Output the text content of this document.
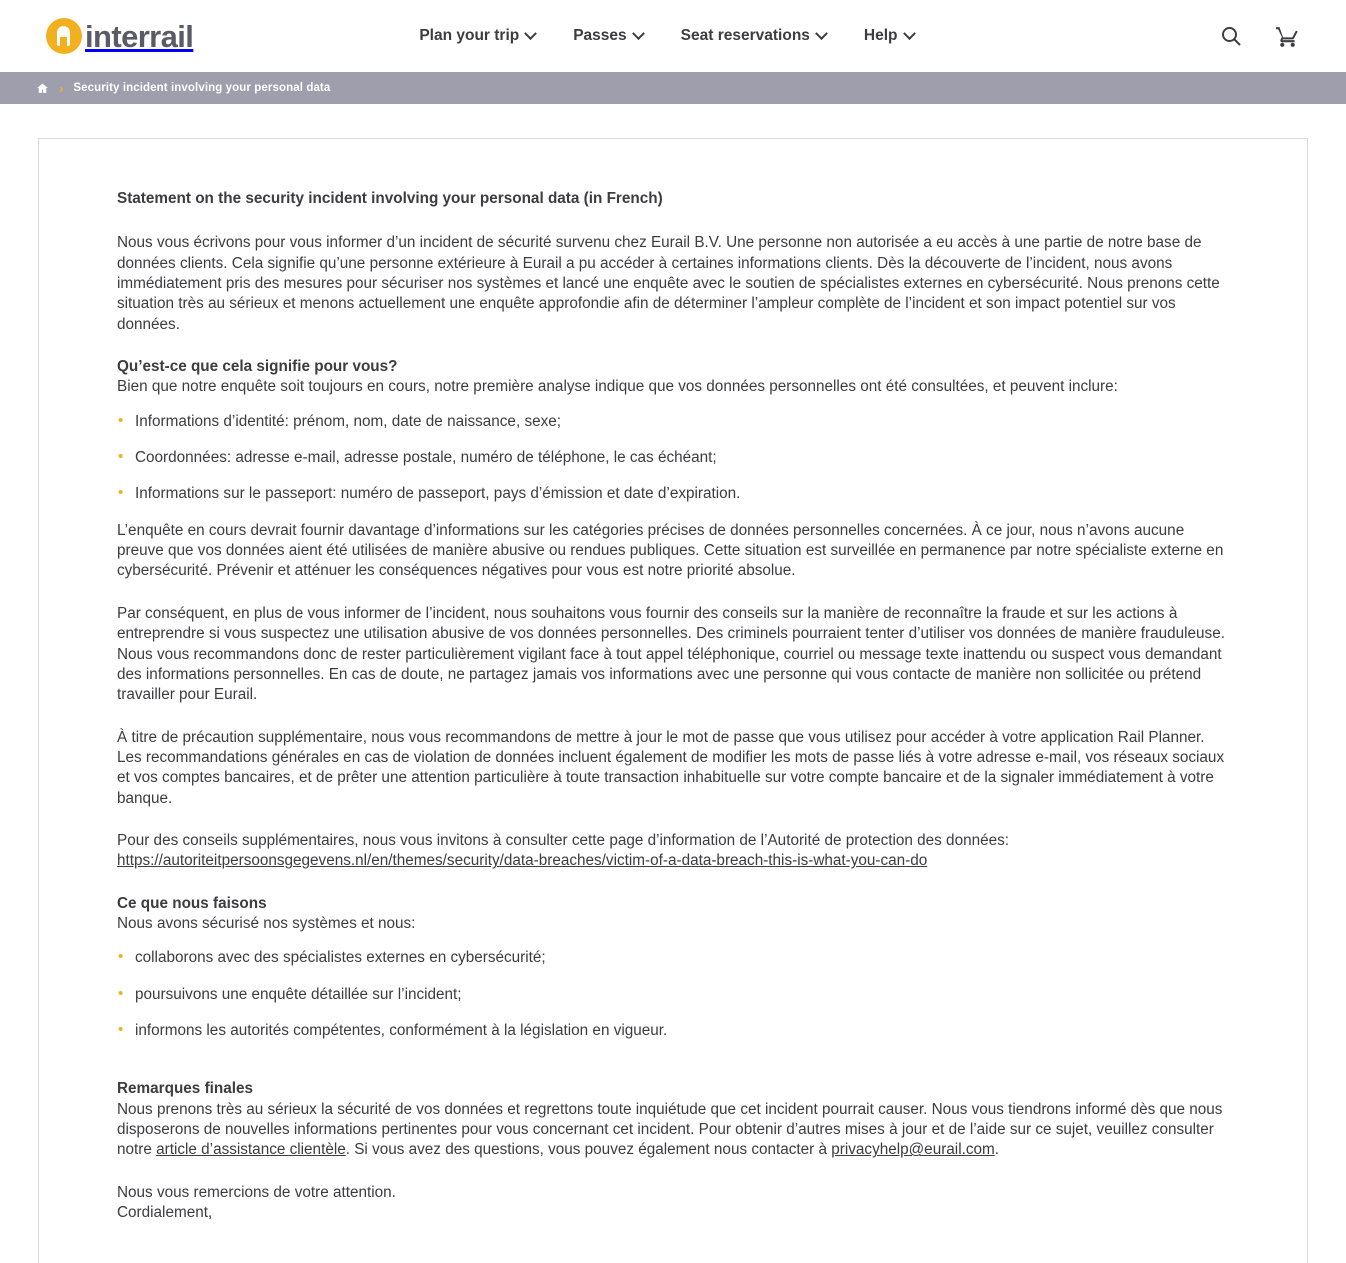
interrail	Plan your trip	Passes	Seat reservations	Help
› Security incident involving your personal data

Statement on the security incident involving your personal data (in French)

Nous vous écrivons pour vous informer d’un incident de sécurité survenu chez Eurail B.V. Une personne non autorisée a eu accès à une partie de notre base de données clients. Cela signifie qu’une personne extérieure à Eurail a pu accéder à certaines informations clients. Dès la découverte de l’incident, nous avons immédiatement pris des mesures pour sécuriser nos systèmes et lancé une enquête avec le soutien de spécialistes externes en cybersécurité. Nous prenons cette situation très au sérieux et menons actuellement une enquête approfondie afin de déterminer l’ampleur complète de l’incident et son impact potentiel sur vos données.

Qu’est-ce que cela signifie pour vous?

Bien que notre enquête soit toujours en cours, notre première analyse indique que vos données personnelles ont été consultées, et peuvent inclure:

• Informations d’identité: prénom, nom, date de naissance, sexe;
• Coordonnées: adresse e-mail, adresse postale, numéro de téléphone, le cas échéant;
• Informations sur le passeport: numéro de passeport, pays d’émission et date d’expiration.

L’enquête en cours devrait fournir davantage d’informations sur les catégories précises de données personnelles concernées. À ce jour, nous n’avons aucune preuve que vos données aient été utilisées de manière abusive ou rendues publiques. Cette situation est surveillée en permanence par notre spécialiste externe en cybersécurité. Prévenir et atténuer les conséquences négatives pour vous est notre priorité absolue.

Par conséquent, en plus de vous informer de l’incident, nous souhaitons vous fournir des conseils sur la manière de reconnaître la fraude et sur les actions à entreprendre si vous suspectez une utilisation abusive de vos données personnelles. Des criminels pourraient tenter d’utiliser vos données de manière frauduleuse. Nous vous recommandons donc de rester particulièrement vigilant face à tout appel téléphonique, courriel ou message texte inattendu ou suspect vous demandant des informations personnelles. En cas de doute, ne partagez jamais vos informations avec une personne qui vous contacte de manière non sollicitée ou prétend travailler pour Eurail.

À titre de précaution supplémentaire, nous vous recommandons de mettre à jour le mot de passe que vous utilisez pour accéder à votre application Rail Planner. Les recommandations générales en cas de violation de données incluent également de modifier les mots de passe liés à votre adresse e-mail, vos réseaux sociaux et vos comptes bancaires, et de prêter une attention particulière à toute transaction inhabituelle sur votre compte bancaire et de la signaler immédiatement à votre banque.

Pour des conseils supplémentaires, nous vous invitons à consulter cette page d’information de l’Autorité de protection des données: https://autoriteitpersoonsgegevens.nl/en/themes/security/data-breaches/victim-of-a-data-breach-this-is-what-you-can-do

Ce que nous faisons

Nous avons sécurisé nos systèmes et nous:

• collaborons avec des spécialistes externes en cybersécurité;
• poursuivons une enquête détaillée sur l’incident;
• informons les autorités compétentes, conformément à la législation en vigueur.

Remarques finales

Nous prenons très au sérieux la sécurité de vos données et regrettons toute inquiétude que cet incident pourrait causer. Nous vous tiendrons informé dès que nous disposerons de nouvelles informations pertinentes pour vous concernant cet incident. Pour obtenir d’autres mises à jour et de l’aide sur ce sujet, veuillez consulter notre article d’assistance clientèle. Si vous avez des questions, vous pouvez également nous contacter à privacyhelp@eurail.com.

Nous vous remercions de votre attention.

Cordialement,
